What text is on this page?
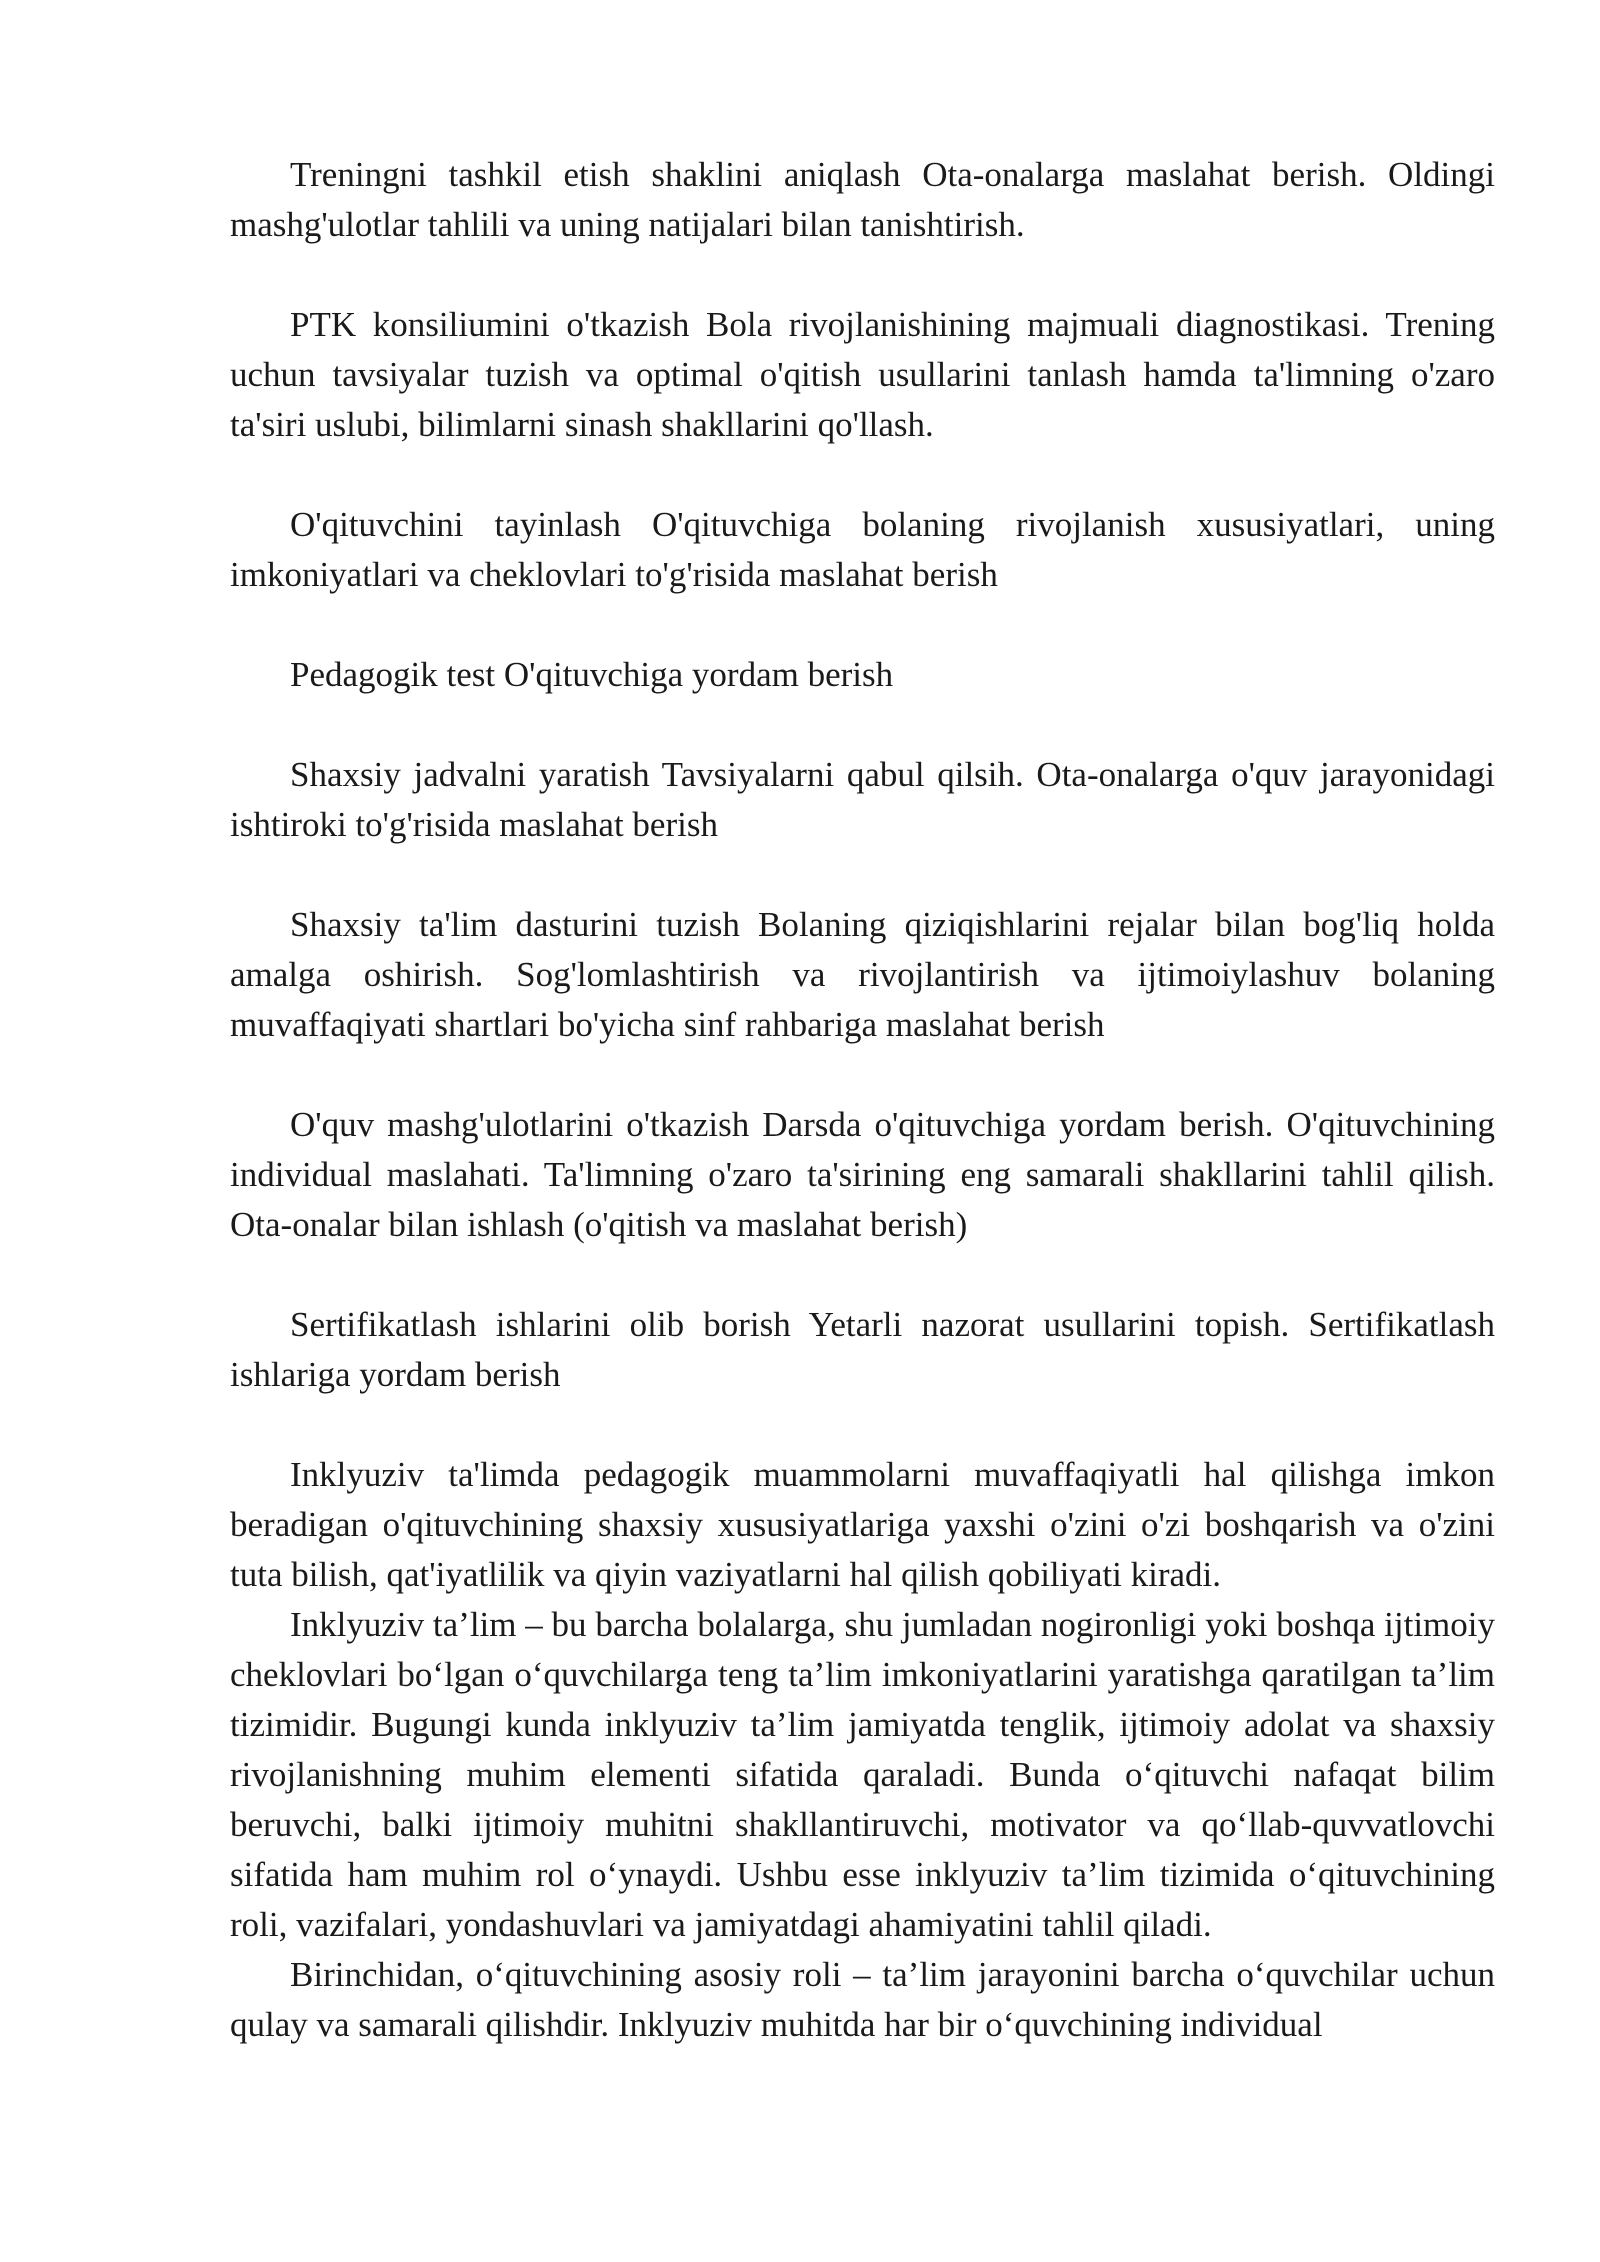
Treningni tashkil etish shaklini aniqlash Ota-onalarga maslahat berish. Oldingi mashg'ulotlar tahlili va uning natijalari bilan tanishtirish.

PTK konsiliumini o'tkazish Bola rivojlanishining majmuali diagnostikasi. Trening uchun tavsiyalar tuzish va optimal o'qitish usullarini tanlash hamda ta'limning o'zaro ta'siri uslubi, bilimlarni sinash shakllarini qo'llash.

O'qituvchini tayinlash O'qituvchiga bolaning rivojlanish xususiyatlari, uning imkoniyatlari va cheklovlari to'g'risida maslahat berish

Pedagogik test O'qituvchiga yordam berish

Shaxsiy jadvalni yaratish Tavsiyalarni qabul qilsih. Ota-onalarga o'quv jarayonidagi ishtiroki to'g'risida maslahat berish

Shaxsiy ta'lim dasturini tuzish Bolaning qiziqishlarini rejalar bilan bog'liq holda amalga oshirish. Sog'lomlashtirish va rivojlantirish va ijtimoiylashuv bolaning muvaffaqiyati shartlari bo'yicha sinf rahbariga maslahat berish

O'quv mashg'ulotlarini o'tkazish Darsda o'qituvchiga yordam berish. O'qituvchining individual maslahati. Ta'limning o'zaro ta'sirining eng samarali shakllarini tahlil qilish. Ota-onalar bilan ishlash (o'qitish va maslahat berish)

Sertifikatlash ishlarini olib borish Yetarli nazorat usullarini topish. Sertifikatlash ishlariga yordam berish

Inklyuziv ta'limda pedagogik muammolarni muvaffaqiyatli hal qilishga imkon beradigan o'qituvchining shaxsiy xususiyatlariga yaxshi o'zini o'zi boshqarish va o'zini tuta bilish, qat'iyatlilik va qiyin vaziyatlarni hal qilish qobiliyati kiradi.

Inklyuziv ta’lim – bu barcha bolalarga, shu jumladan nogironligi yoki boshqa ijtimoiy cheklovlari bo‘lgan o‘quvchilarga teng ta’lim imkoniyatlarini yaratishga qaratilgan ta’lim tizimidir. Bugungi kunda inklyuziv ta’lim jamiyatda tenglik, ijtimoiy adolat va shaxsiy rivojlanishning muhim elementi sifatida qaraladi. Bunda o‘qituvchi nafaqat bilim beruvchi, balki ijtimoiy muhitni shakllantiruvchi, motivator va qo‘llab-quvvatlovchi sifatida ham muhim rol o‘ynaydi. Ushbu esse inklyuziv ta’lim tizimida o‘qituvchining roli, vazifalari, yondashuvlari va jamiyatdagi ahamiyatini tahlil qiladi.

Birinchidan, o‘qituvchining asosiy roli – ta’lim jarayonini barcha o‘quvchilar uchun qulay va samarali qilishdir. Inklyuziv muhitda har bir o‘quvchining individual
